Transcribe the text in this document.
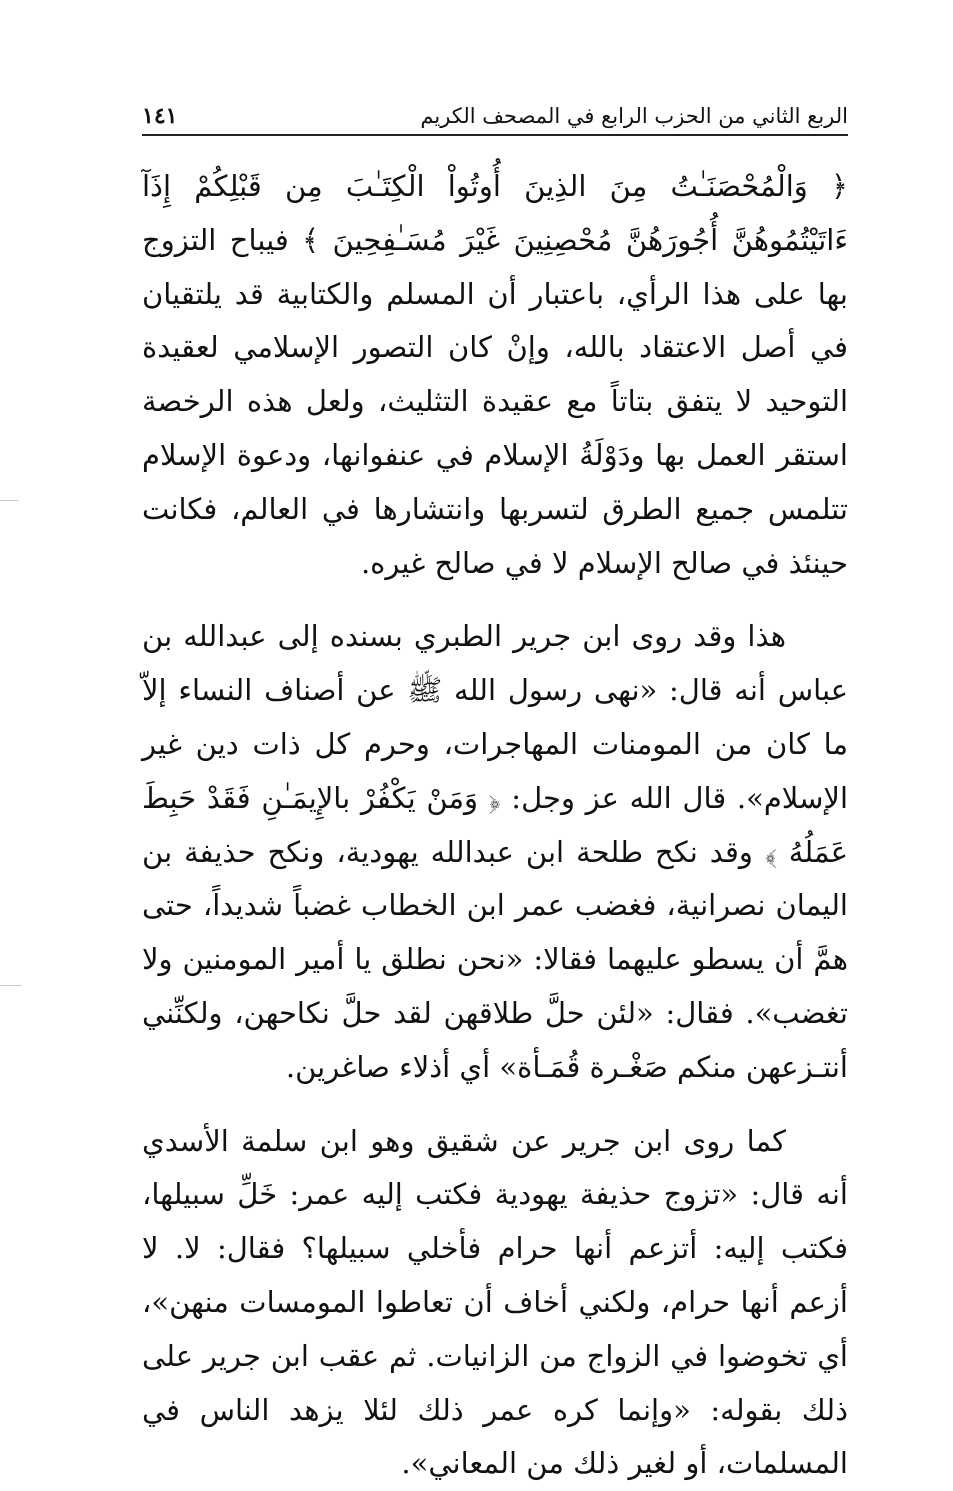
الربع الثاني من الحزب الرابع في المصحف الكريم
١٤١

﴿ وَالْمُحْصَنَـٰتُ مِنَ الذِينَ أُوتُواْ الْكِتَـٰبَ مِن قَبْلِكُمْ إِذَآ ءَاتَيْتُمُوهُنَّ أُجُورَهُنَّ مُحْصِنِينَ غَيْرَ مُسَـٰفِحِينَ ﴾ فيباح التزوج بها على هذا الرأي، باعتبار أن المسلم والكتابية قد يلتقيان في أصل الاعتقاد بالله، وإنْ كان التصور الإسلامي لعقيدة التوحيد لا يتفق بتاتاً مع عقيدة التثليث، ولعل هذه الرخصة استقر العمل بها ودَوْلَةُ الإسلام في عنفوانها، ودعوة الإسلام تتلمس جميع الطرق لتسربها وانتشارها في العالم، فكانت حينئذ في صالح الإسلام لا في صالح غيره.

هذا وقد روى ابن جرير الطبري بسنده إلى عبدالله بن عباس أنه قال: «نهى رسول الله ﷺ عن أصناف النساء إلاّ ما كان من المومنات المهاجرات، وحرم كل ذات دين غير الإسلام». قال الله عز وجل: ﴿ وَمَنْ يَكْفُرْ بالإِيمَـٰنِ فَقَدْ حَبِطَ عَمَلُهُ ﴾ وقد نكح طلحة ابن عبدالله يهودية، ونكح حذيفة بن اليمان نصرانية، فغضب عمر ابن الخطاب غضباً شديداً، حتى همَّ أن يسطو عليهما فقالا: «نحن نطلق يا أمير المومنين ولا تغضب». فقال: «لئن حلَّ طلاقهن لقد حلَّ نكاحهن، ولكنِّني أنتـزعهن منكم صَغْـرة قُمَـأة» أي أذلاء صاغرين.

كما روى ابن جرير عن شقيق وهو ابن سلمة الأسدي أنه قال: «تزوج حذيفة يهودية فكتب إليه عمر: خَلِّ سبيلها، فكتب إليه: أتزعم أنها حرام فأخلي سبيلها؟ فقال: لا. لا أزعم أنها حرام، ولكني أخاف أن تعاطوا المومسات منهن»، أي تخوضوا في الزواج من الزانيات. ثم عقب ابن جرير على ذلك بقوله: «وإنما كره عمر ذلك لئلا يزهد الناس في المسلمات، أو لغير ذلك من المعاني».
